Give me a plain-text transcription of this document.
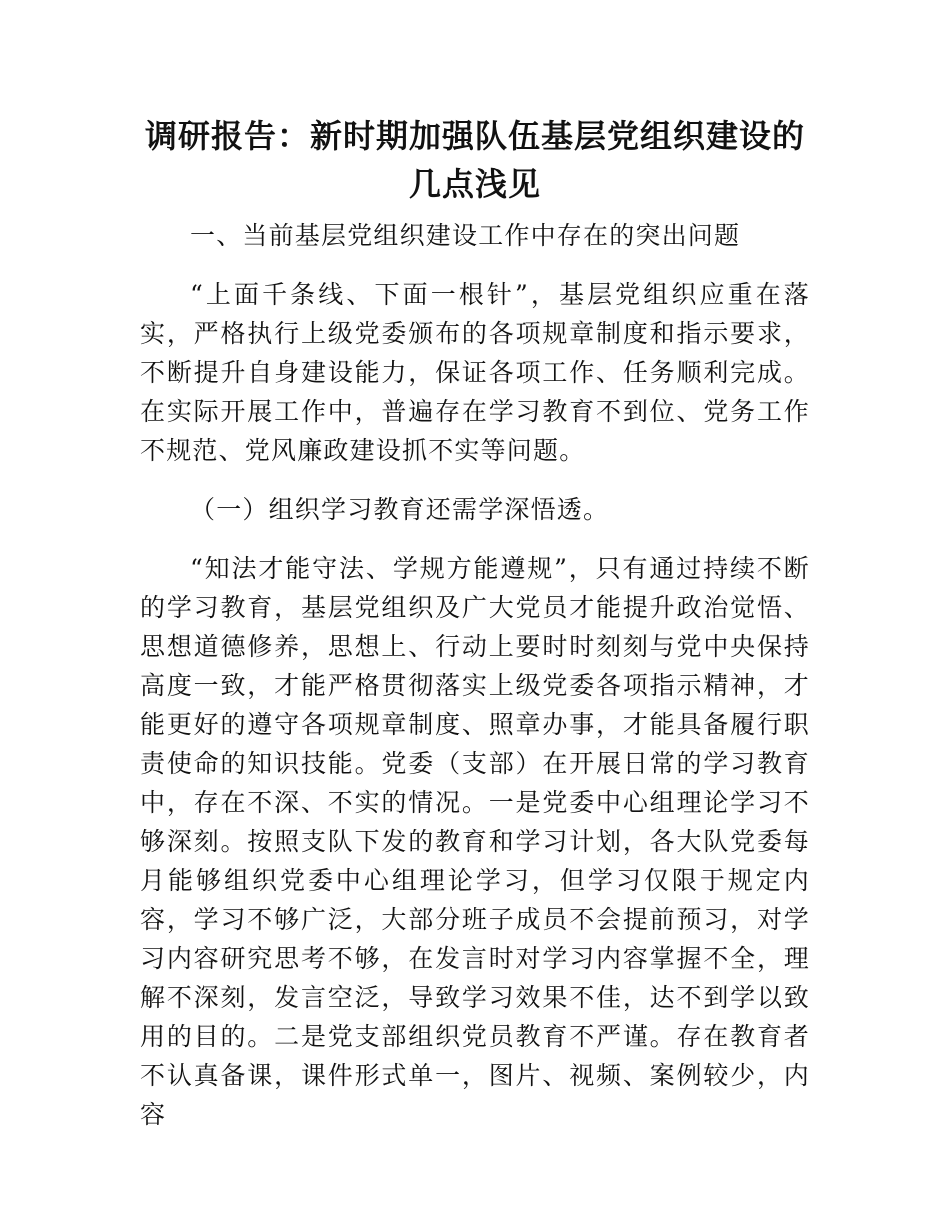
调研报告：新时期加强队伍基层党组织建设的
几点浅见

一、当前基层党组织建设工作中存在的突出问题

“上面千条线、下面一根针”，基层党组织应重在落实，严格执行上级党委颁布的各项规章制度和指示要求，不断提升自身建设能力，保证各项工作、任务顺利完成。在实际开展工作中，普遍存在学习教育不到位、党务工作不规范、党风廉政建设抓不实等问题。

（一）组织学习教育还需学深悟透。

“知法才能守法、学规方能遵规”，只有通过持续不断的学习教育，基层党组织及广大党员才能提升政治觉悟、思想道德修养，思想上、行动上要时时刻刻与党中央保持高度一致，才能严格贯彻落实上级党委各项指示精神，才能更好的遵守各项规章制度、照章办事，才能具备履行职责使命的知识技能。党委（支部）在开展日常的学习教育中，存在不深、不实的情况。一是党委中心组理论学习不够深刻。按照支队下发的教育和学习计划，各大队党委每月能够组织党委中心组理论学习，但学习仅限于规定内容，学习不够广泛，大部分班子成员不会提前预习，对学习内容研究思考不够，在发言时对学习内容掌握不全，理解不深刻，发言空泛，导致学习效果不佳，达不到学以致用的目的。二是党支部组织党员教育不严谨。存在教育者不认真备课，课件形式单一，图片、视频、案例较少，内容
